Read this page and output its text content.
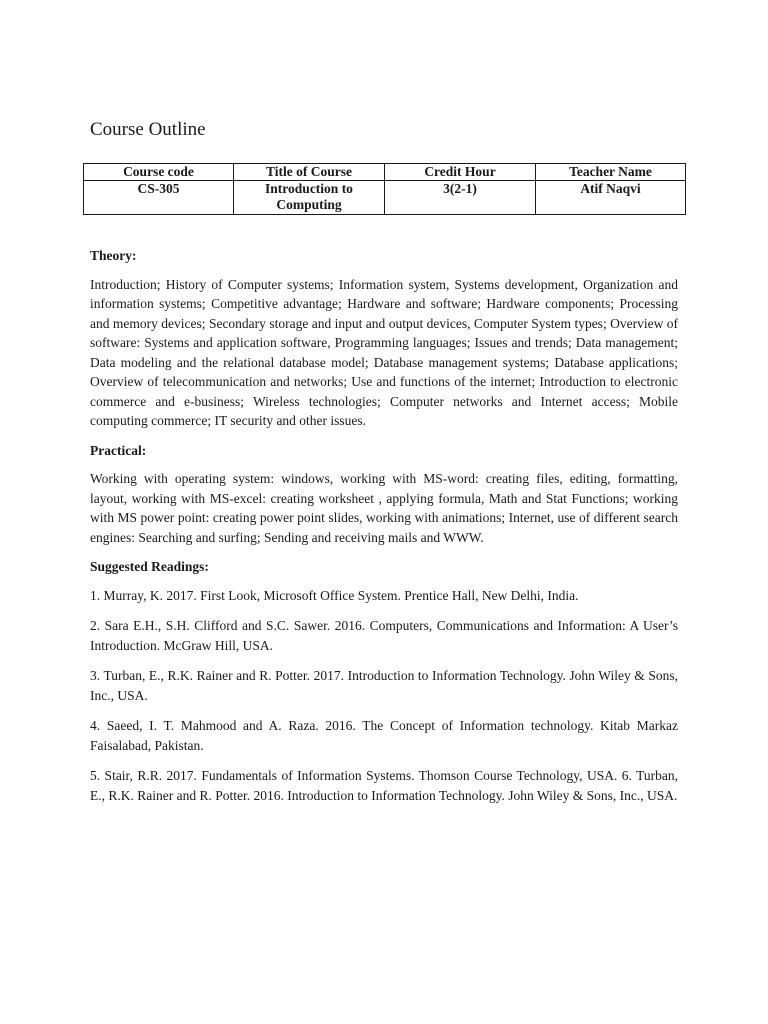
Course Outline
Course code	Title of Course	Credit Hour	Teacher Name
CS-305	Introduction to Computing	3(2-1)	Atif Naqvi
Theory:

Introduction; History of Computer systems; Information system, Systems development, Organization and information systems; Competitive advantage; Hardware and software; Hardware components; Processing and memory devices; Secondary storage and input and output devices, Computer System types; Overview of software: Systems and application software, Programming languages; Issues and trends; Data management; Data modeling and the relational database model; Database management systems; Database applications; Overview of telecommunication and networks; Use and functions of the internet; Introduction to electronic commerce and e-business; Wireless technologies; Computer networks and Internet access; Mobile computing commerce; IT security and other issues.

Practical:

Working with operating system: windows, working with MS-word: creating files, editing, formatting, layout, working with MS-excel: creating worksheet , applying formula, Math and Stat Functions; working with MS power point: creating power point slides, working with animations; Internet, use of different search engines: Searching and surfing; Sending and receiving mails and WWW.

Suggested Readings:

1. Murray, K. 2017. First Look, Microsoft Office System. Prentice Hall, New Delhi, India.

2. Sara E.H., S.H. Clifford and S.C. Sawer. 2016. Computers, Communications and Information: A User’s Introduction. McGraw Hill, USA.

3. Turban, E., R.K. Rainer and R. Potter. 2017. Introduction to Information Technology. John Wiley & Sons, Inc., USA.

4. Saeed, I. T. Mahmood and A. Raza. 2016. The Concept of Information technology. Kitab Markaz Faisalabad, Pakistan.

5. Stair, R.R. 2017. Fundamentals of Information Systems. Thomson Course Technology, USA. 6. Turban, E., R.K. Rainer and R. Potter. 2016. Introduction to Information Technology. John Wiley & Sons, Inc., USA.
